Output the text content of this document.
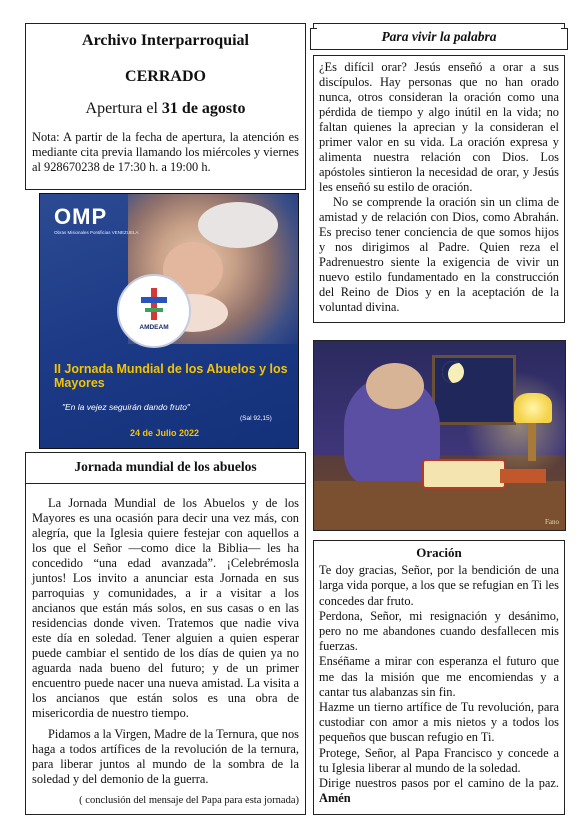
Archivo Interparroquial

CERRADO

Apertura el 31 de agosto

Nota: A partir de la fecha de apertura, la atención es mediante cita previa llamando los miércoles y viernes al 928670238 de 17:30 h. a 19:00 h.

OMP
Obras Misionales Pontificias VENEZUELA
AMDEAM
II Jornada Mundial de los Abuelos y los Mayores
"En la vejez seguirán dando fruto"
(Sal 92,15)
24 de Julio 2022
Jornada mundial de los abuelos

La Jornada Mundial de los Abuelos y de los Mayores es una ocasión para decir una vez más, con alegría, que la Iglesia quiere festejar con aquellos a los que el Señor —como dice la Biblia— les ha concedido “una edad avanzada”. ¡Celebrémosla juntos! Los invito a anunciar esta Jornada en sus parroquias y comunidades, a ir a visitar a los ancianos que están más solos, en sus casas o en las residencias donde viven. Tratemos que nadie viva este día en soledad. Tener alguien a quien esperar puede cambiar el sentido de los días de quien ya no aguarda nada bueno del futuro; y de un primer encuentro puede nacer una nueva amistad. La visita a los ancianos que están solos es una obra de misericordia de nuestro tiempo.

Pidamos a la Virgen, Madre de la Ternura, que nos haga a todos artífices de la revolución de la ternura, para liberar juntos al mundo de la sombra de la soledad y del demonio de la guerra.

( conclusión del mensaje del Papa para esta jornada)

Para vivir la palabra

¿Es difícil orar? Jesús enseñó a orar a sus discípulos. Hay personas que no han orado nunca, otros consideran la oración como una pérdida de tiempo y algo inútil en la vida; no faltan quienes la aprecian y la consideran el primer valor en su vida. La oración expresa y alimenta nuestra relación con Dios. Los apóstoles sintieron la necesidad de orar, y Jesús les enseñó su estilo de oración.

No se comprende la oración sin un clima de amistad y de relación con Dios, como Abrahán. Es preciso tener conciencia de que somos hijos y nos dirigimos al Padre. Quien reza el Padrenuestro siente la exigencia de vivir un nuevo estilo fundamentado en la construcción del Reino de Dios y en la aceptación de la voluntad divina.

Fano
Oración

Te doy gracias, Señor, por la bendición de una larga vida porque, a los que se refugian en Ti les concedes dar fruto.

Perdona, Señor, mi resignación y desánimo, pero no me abandones cuando desfallecen mis fuerzas.

Enséñame a mirar con esperanza el futuro que me das la misión que me encomiendas y a cantar tus alabanzas sin fin.

Hazme un tierno artífice de Tu revolución, para custodiar con amor a mis nietos y a todos los pequeños que buscan refugio en Ti.

Protege, Señor, al Papa Francisco y concede a tu Iglesia liberar al mundo de la soledad.

Dirige nuestros pasos por el camino de la paz. Amén
